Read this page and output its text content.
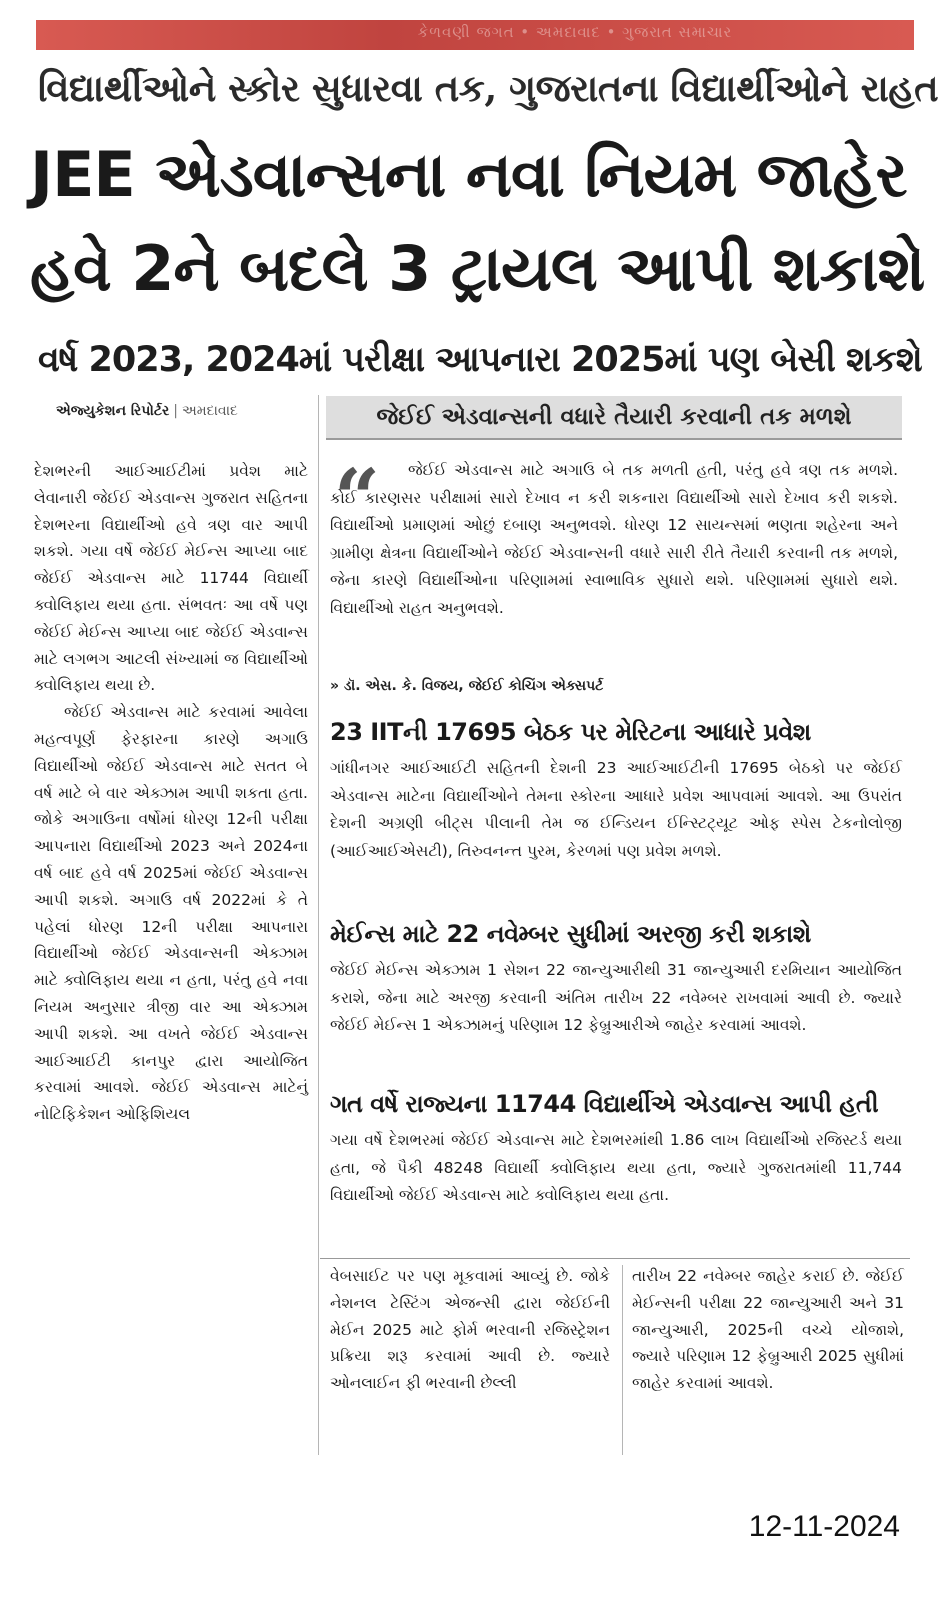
કેળવણી જગત • અમદાવાદ • ગુજરાત સમાચાર
વિદ્યાર્થીઓને સ્કોર સુધારવા તક, ગુજરાતના વિદ્યાર્થીઓને રાહત
JEE એડવાન્સના નવા નિયમ જાહેર
હવે 2ને બદલે 3 ટ્રાયલ આપી શકાશે
વર્ષ 2023, 2024માં પરીક્ષા આપનારા 2025માં પણ બેસી શકશે
એજ્યુકેશન રિપોર્ટર | અમદાવાદ	જેઈઈ એડવાન્સની વધારે તૈયારી કરવાની તક મળશે

દેશભરની આઈઆઈટીમાં પ્રવેશ માટે લેવાનારી જેઈઈ એડવાન્સ ગુજરાત સહિતના દેશભરના વિદ્યાર્થીઓ હવે ત્રણ વાર આપી શકશે. ગયા વર્ષે જેઈઈ મેઈન્સ આપ્યા બાદ જેઈઈ એડવાન્સ માટે 11744 વિદ્યાર્થી ક્વોલિફાય થયા હતા. સંભવતઃ આ વર્ષે પણ જેઈઈ મેઈન્સ આપ્યા બાદ જેઈઈ એડવાન્સ માટે લગભગ આટલી સંખ્યામાં જ વિદ્યાર્થીઓ ક્વોલિફાય થયા છે.

જેઈઈ એડવાન્સ માટે કરવામાં આવેલા મહત્વપૂર્ણ ફેરફારના કારણે અગાઉ વિદ્યાર્થીઓ જેઈઈ એડવાન્સ માટે સતત બે વર્ષ માટે બે વાર એક્ઝામ આપી શકતા હતા. જોકે અગાઉના વર્ષોમાં ધોરણ 12ની પરીક્ષા આપનારા વિદ્યાર્થીઓ 2023 અને 2024ના વર્ષ બાદ હવે વર્ષ 2025માં જેઈઈ એડવાન્સ આપી શકશે. અગાઉ વર્ષ 2022માં કે તે પહેલાં ધોરણ 12ની પરીક્ષા આપનારા વિદ્યાર્થીઓ જેઈઈ એડવાન્સની એક્ઝામ માટે ક્વોલિફાય થયા ન હતા, પરંતુ હવે નવા નિયમ અનુસાર ત્રીજી વાર આ એક્ઝામ આપી શકશે. આ વખતે જેઈઈ એડવાન્સ આઈઆઈટી કાનપુર દ્વારા આયોજિત કરવામાં આવશે. જેઈઈ એડવાન્સ માટેનું નોટિફિકેશન ઓફિશિયલ

જેઈઈ એડવાન્સ માટે અગાઉ બે તક મળતી હતી, પરંતુ હવે ત્રણ તક મળશે. કોઈ કારણસર પરીક્ષામાં સારો દેખાવ ન કરી શકનારા વિદ્યાર્થીઓ સારો દેખાવ કરી શકશે. વિદ્યાર્થીઓ પ્રમાણમાં ઓછું દબાણ અનુભવશે. ધોરણ 12 સાયન્સમાં ભણતા શહેરના અને ગ્રામીણ ક્ષેત્રના વિદ્યાર્થીઓને જેઈઈ એડવાન્સની વધારે સારી રીતે તૈયારી કરવાની તક મળશે, જેના કારણે વિદ્યાર્થીઓના પરિણામમાં સ્વાભાવિક સુધારો થશે. પરિણામમાં સુધારો થશે. વિદ્યાર્થીઓ રાહત અનુભવશે.
“
» ડૉ. એસ. કે. વિજય, જેઈઈ કોચિંગ એક્સપર્ટ
23 IITની 17695 બેઠક પર મેરિટના આધારે પ્રવેશ
ગાંધીનગર આઈઆઈટી સહિતની દેશની 23 આઈઆઈટીની 17695 બેઠકો પર જેઈઈ એડવાન્સ માટેના વિદ્યાર્થીઓને તેમના સ્કોરના આધારે પ્રવેશ આપવામાં આવશે. આ ઉપરાંત દેશની અગ્રણી બીટ્સ પીલાની તેમ જ ઈન્ડિયન ઈન્સ્ટિટ્યૂટ ઓફ સ્પેસ ટેકનોલોજી (આઈઆઈએસટી), તિરુવનન્ત પુરમ, કેરળમાં પણ પ્રવેશ મળશે.
મેઈન્સ માટે 22 નવેમ્બર સુધીમાં અરજી કરી શકાશે
જેઈઈ મેઈન્સ એક્ઝામ 1 સેશન 22 જાન્યુઆરીથી 31 જાન્યુઆરી દરમિયાન આયોજિત કરાશે, જેના માટે અરજી કરવાની અંતિમ તારીખ 22 નવેમ્બર રાખવામાં આવી છે. જ્યારે જેઈઈ મેઈન્સ 1 એક્ઝામનું પરિણામ 12 ફેબ્રુઆરીએ જાહેર કરવામાં આવશે.
ગત વર્ષે રાજ્યના 11744 વિદ્યાર્થીએ એડવાન્સ આપી હતી
ગયા વર્ષે દેશભરમાં જેઈઈ એડવાન્સ માટે દેશભરમાંથી 1.86 લાખ વિદ્યાર્થીઓ રજિસ્ટર્ડ થયા હતા, જે પૈકી 48248 વિદ્યાર્થી ક્વોલિફાય થયા હતા, જ્યારે ગુજરાતમાંથી 11,744 વિદ્યાર્થીઓ જેઈઈ એડવાન્સ માટે ક્વોલિફાય થયા હતા.

વેબસાઈટ પર પણ મૂકવામાં આવ્યું છે. જોકે નેશનલ ટેસ્ટિંગ એજન્સી દ્વારા જેઈઈની મેઈન 2025 માટે ફોર્મ ભરવાની રજિસ્ટ્રેશન પ્રક્રિયા શરૂ કરવામાં આવી છે. જ્યારે ઓનલાઈન ફી ભરવાની છેલ્લી

તારીખ 22 નવેમ્બર જાહેર કરાઈ છે. જેઈઈ મેઈન્સની પરીક્ષા 22 જાન્યુઆરી અને 31 જાન્યુઆરી, 2025ની વચ્ચે યોજાશે, જ્યારે પરિણામ 12 ફેબ્રુઆરી 2025 સુધીમાં જાહેર કરવામાં આવશે.

12-11-2024
